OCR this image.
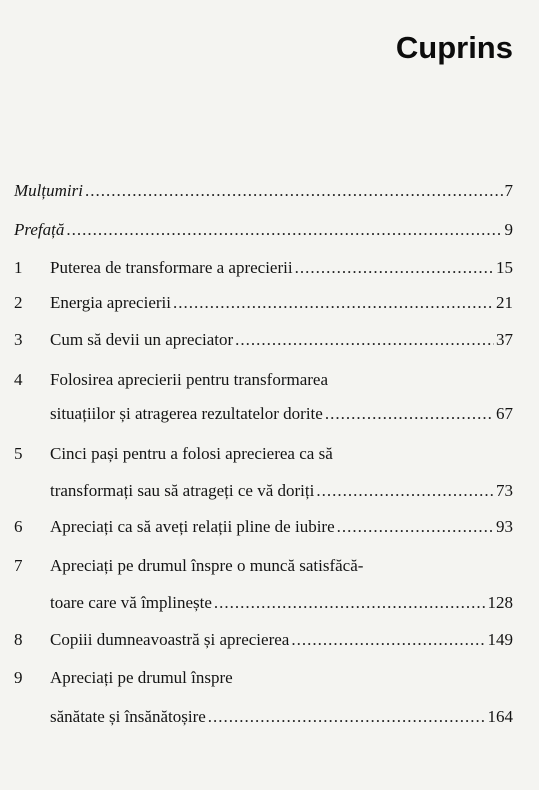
Cuprins
Mulțumiri .....	7
Prefață .....	9
1	Puterea de transformare a aprecierii .....	15
2	Energia aprecierii .....	21
3	Cum să devii un apreciator .....	37
4	Folosirea aprecierii pentru transformarea
situațiilor și atragerea rezultatelor dorite .....	67
5	Cinci pași pentru a folosi aprecierea ca să
transformați sau să atrageți ce vă doriți .....	73
6	Apreciați ca să aveți relații pline de iubire .....	93
7	Apreciați pe drumul înspre o muncă satisfăcă-
toare care vă împlinește .....	128
8	Copiii dumneavoastră și aprecierea .....	149
9	Apreciați pe drumul înspre
sănătate și însănătoșire .....	164
